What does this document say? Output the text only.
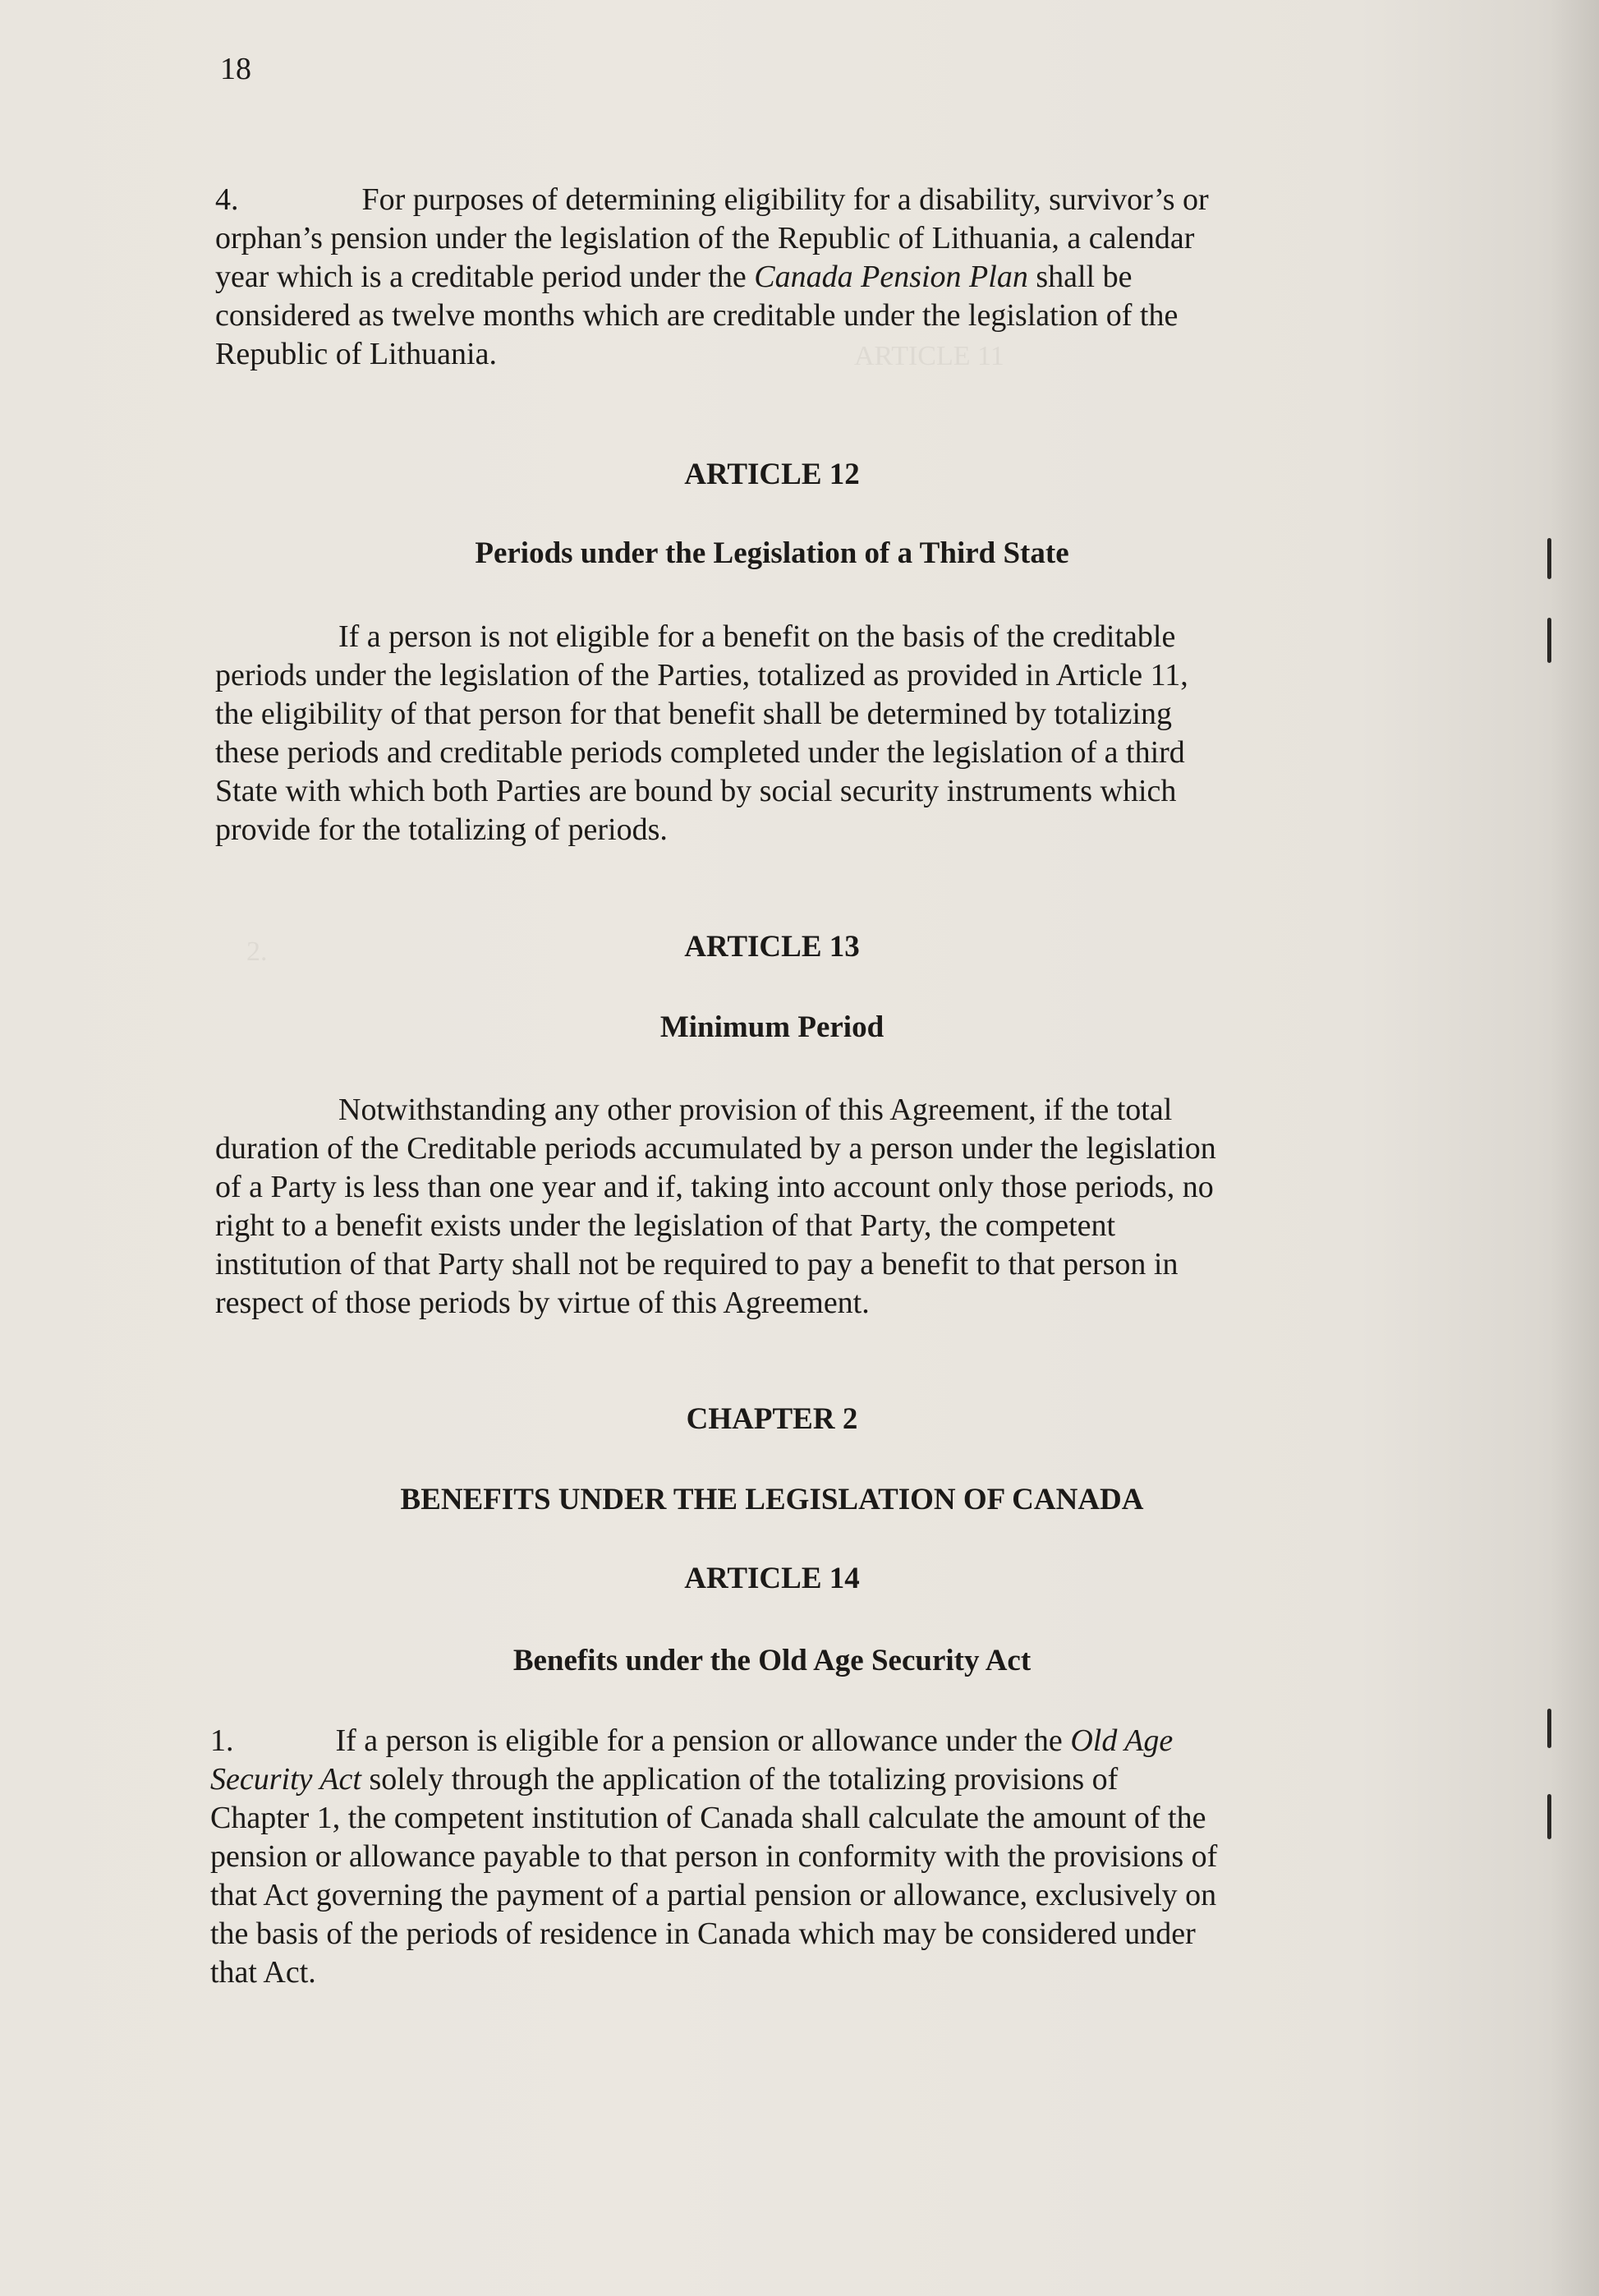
ARTICLE 11
2.
18

4.	For purposes of determining eligibility for a disability, survivor’s or
orphan’s pension under the legislation of the Republic of Lithuania, a calendar
year which is a creditable period under the Canada Pension Plan shall be
considered as twelve months which are creditable under the legislation of the
Republic of Lithuania.

ARTICLE 12
Periods under the Legislation of a Third State

If a person is not eligible for a benefit on the basis of the creditable
periods under the legislation of the Parties, totalized as provided in Article 11,
the eligibility of that person for that benefit shall be determined by totalizing
these periods and creditable periods completed under the legislation of a third
State with which both Parties are bound by social security instruments which
provide for the totalizing of periods.

ARTICLE 13
Minimum Period

Notwithstanding any other provision of this Agreement, if the total
duration of the Creditable periods accumulated by a person under the legislation
of a Party is less than one year and if, taking into account only those periods, no
right to a benefit exists under the legislation of that Party, the competent
institution of that Party shall not be required to pay a benefit to that person in
respect of those periods by virtue of this Agreement.

CHAPTER 2
BENEFITS UNDER THE LEGISLATION OF CANADA
ARTICLE 14
Benefits under the Old Age Security Act

1.	If a person is eligible for a pension or allowance under the Old Age
Security Act solely through the application of the totalizing provisions of
Chapter 1, the competent institution of Canada shall calculate the amount of the
pension or allowance payable to that person in conformity with the provisions of
that Act governing the payment of a partial pension or allowance, exclusively on
the basis of the periods of residence in Canada which may be considered under
that Act.
